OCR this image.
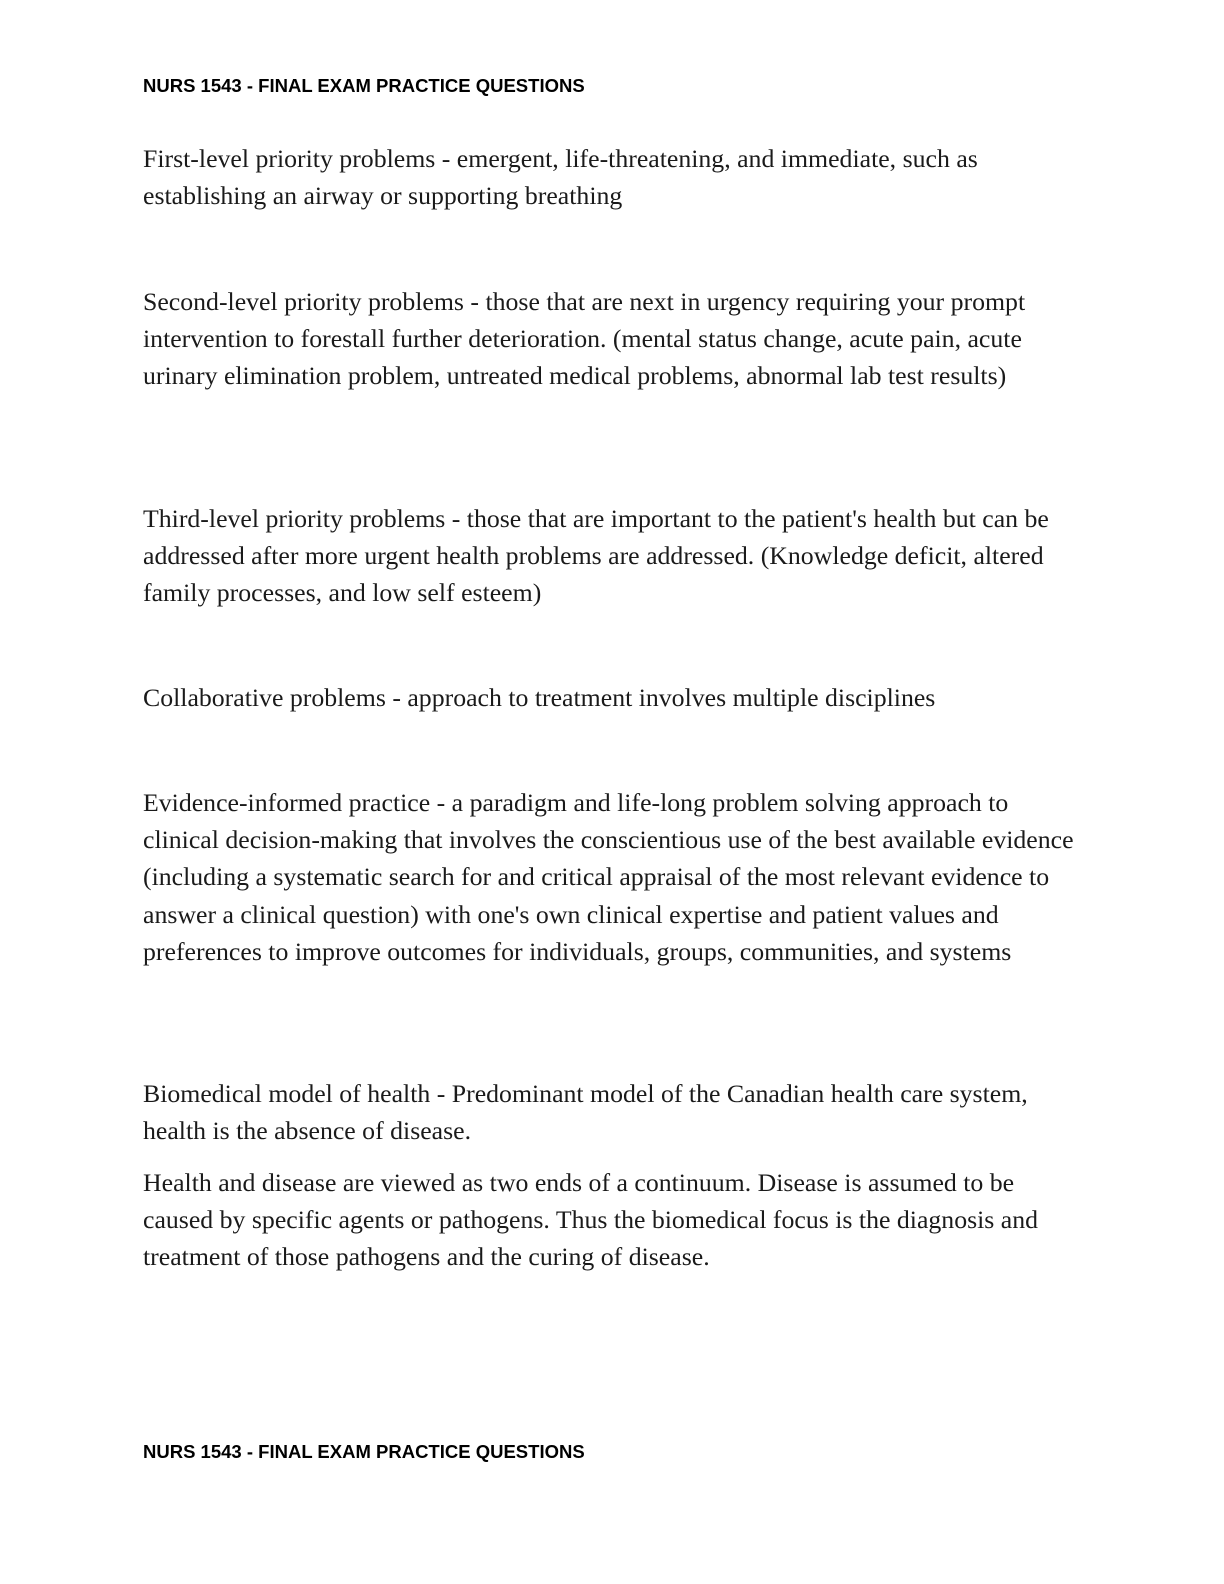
NURS 1543 - FINAL EXAM PRACTICE QUESTIONS

First-level priority problems - emergent, life-threatening, and immediate, such as establishing an airway or supporting breathing

Second-level priority problems - those that are next in urgency requiring your prompt intervention to forestall further deterioration. (mental status change, acute pain, acute urinary elimination problem, untreated medical problems, abnormal lab test results)

Third-level priority problems - those that are important to the patient's health but can be addressed after more urgent health problems are addressed. (Knowledge deficit, altered family processes, and low self esteem)

Collaborative problems - approach to treatment involves multiple disciplines

Evidence-informed practice - a paradigm and life-long problem solving approach to clinical decision-making that involves the conscientious use of the best available evidence (including a systematic search for and critical appraisal of the most relevant evidence to answer a clinical question) with one's own clinical expertise and patient values and preferences to improve outcomes for individuals, groups, communities, and systems

Biomedical model of health - Predominant model of the Canadian health care system, health is the absence of disease.

Health and disease are viewed as two ends of a continuum. Disease is assumed to be caused by specific agents or pathogens. Thus the biomedical focus is the diagnosis and treatment of those pathogens and the curing of disease.

NURS 1543 - FINAL EXAM PRACTICE QUESTIONS
